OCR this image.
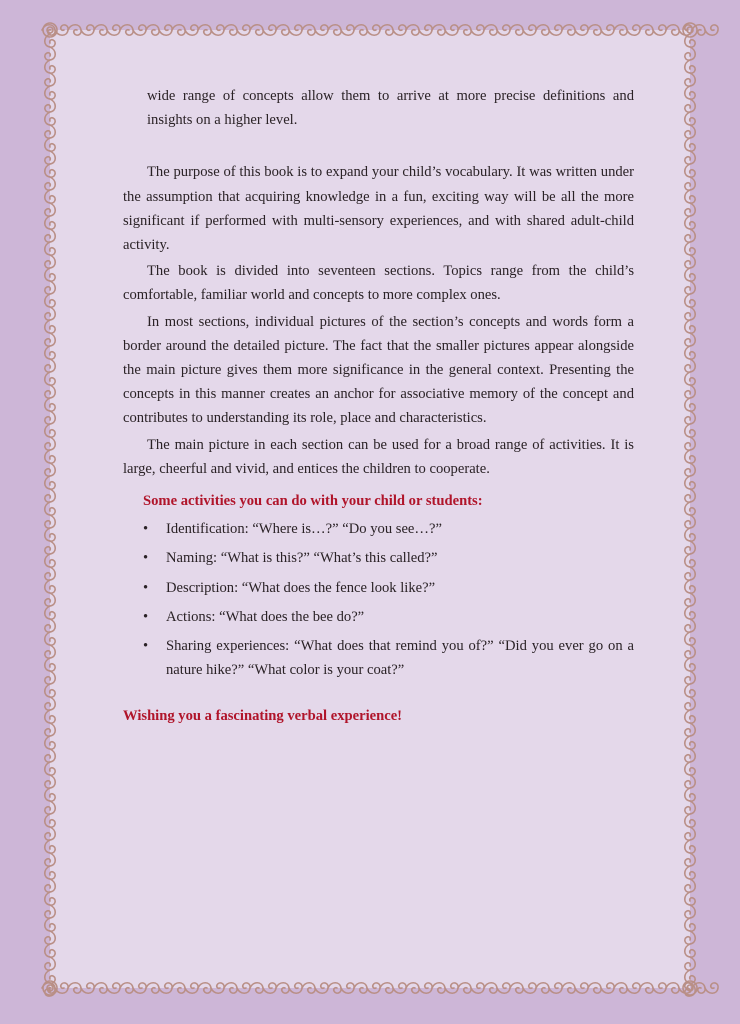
wide range of concepts allow them to arrive at more precise definitions and insights on a higher level.

The purpose of this book is to expand your child’s vocabulary. It was written under the assumption that acquiring knowledge in a fun, exciting way will be all the more significant if performed with multi-sensory experiences, and with shared adult-child activity.

The book is divided into seventeen sections. Topics range from the child’s comfortable, familiar world and concepts to more complex ones.

In most sections, individual pictures of the section’s concepts and words form a border around the detailed picture. The fact that the smaller pictures appear alongside the main picture gives them more significance in the general context. Presenting the concepts in this manner creates an anchor for associative memory of the concept and contributes to understanding its role, place and characteristics.

The main picture in each section can be used for a broad range of activities. It is large, cheerful and vivid, and entices the children to cooperate.

Some activities you can do with your child or students:
• Identification: “Where is…?” “Do you see…?”
• Naming: “What is this?” “What’s this called?”
• Description: “What does the fence look like?”
• Actions: “What does the bee do?”
• Sharing experiences: “What does that remind you of?” “Did you ever go on a nature hike?” “What color is your coat?”
Wishing you a fascinating verbal experience!
